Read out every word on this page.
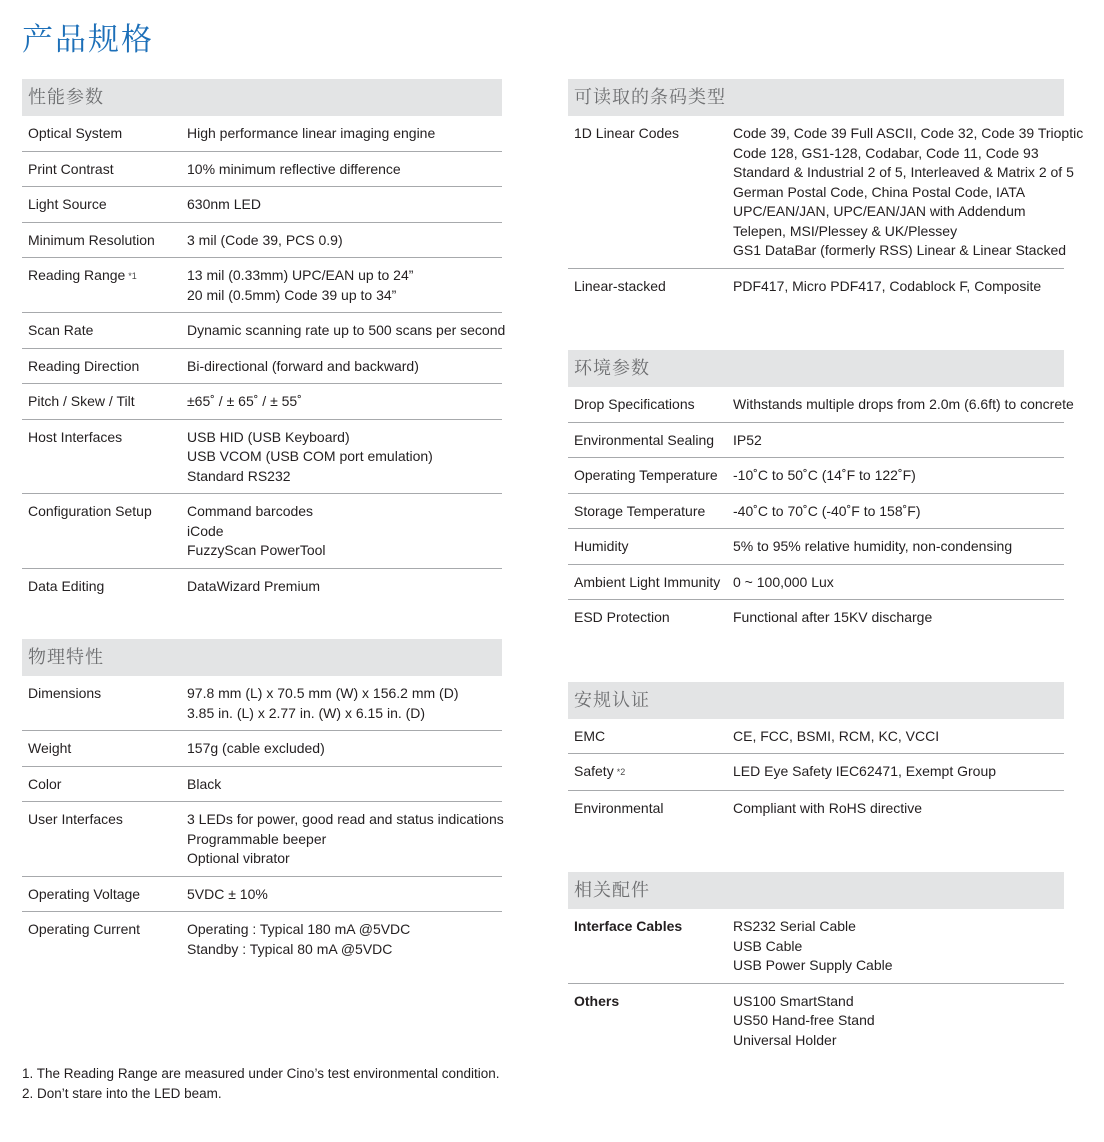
产品规格
性能参数
Optical System	High performance linear imaging engine
Print Contrast	10% minimum reflective difference
Light Source	630nm LED
Minimum Resolution	3 mil (Code 39, PCS 0.9)
Reading Range *1	13 mil (0.33mm) UPC/EAN up to 24”
20 mil (0.5mm) Code 39 up to 34”
Scan Rate	Dynamic scanning rate up to 500 scans per second
Reading Direction	Bi-directional (forward and backward)
Pitch / Skew / Tilt	±65˚ / ± 65˚ / ± 55˚
Host Interfaces	USB HID (USB Keyboard)
USB VCOM (USB COM port emulation)
Standard RS232
Configuration Setup	Command barcodes
iCode
FuzzyScan PowerTool
Data Editing	DataWizard Premium
物理特性
Dimensions	97.8 mm (L) x 70.5 mm (W) x 156.2 mm (D)
3.85 in. (L) x 2.77 in. (W) x 6.15 in. (D)
Weight	157g (cable excluded)
Color	Black
User Interfaces	3 LEDs for power, good read and status indications
Programmable beeper
Optional vibrator
Operating Voltage	5VDC ± 10%
Operating Current	Operating : Typical 180 mA @5VDC
Standby : Typical 80 mA @5VDC
可读取的条码类型
1D Linear Codes	Code 39, Code 39 Full ASCII, Code 32, Code 39 Trioptic
Code 128, GS1-128, Codabar, Code 11, Code 93
Standard & Industrial 2 of 5, Interleaved & Matrix 2 of 5
German Postal Code, China Postal Code, IATA
UPC/EAN/JAN, UPC/EAN/JAN with Addendum
Telepen, MSI/Plessey & UK/Plessey
GS1 DataBar (formerly RSS) Linear & Linear Stacked
Linear-stacked	PDF417, Micro PDF417, Codablock F, Composite
环境参数
Drop Specifications	Withstands multiple drops from 2.0m (6.6ft) to concrete
Environmental Sealing	IP52
Operating Temperature	-10˚C to 50˚C (14˚F to 122˚F)
Storage Temperature	-40˚C to 70˚C (-40˚F to 158˚F)
Humidity	5% to 95% relative humidity, non-condensing
Ambient Light Immunity 0 ~ 100,000 Lux
ESD Protection	Functional after 15KV discharge
安规认证
EMC	CE, FCC, BSMI, RCM, KC, VCCI
Safety *2	LED Eye Safety IEC62471, Exempt Group
Environmental	Compliant with RoHS directive
相关配件
Interface Cables	RS232 Serial Cable
USB Cable
USB Power Supply Cable
Others	US100 SmartStand
US50 Hand-free Stand
Universal Holder
1. The Reading Range are measured under Cino’s test environmental condition.
2. Don’t stare into the LED beam.
